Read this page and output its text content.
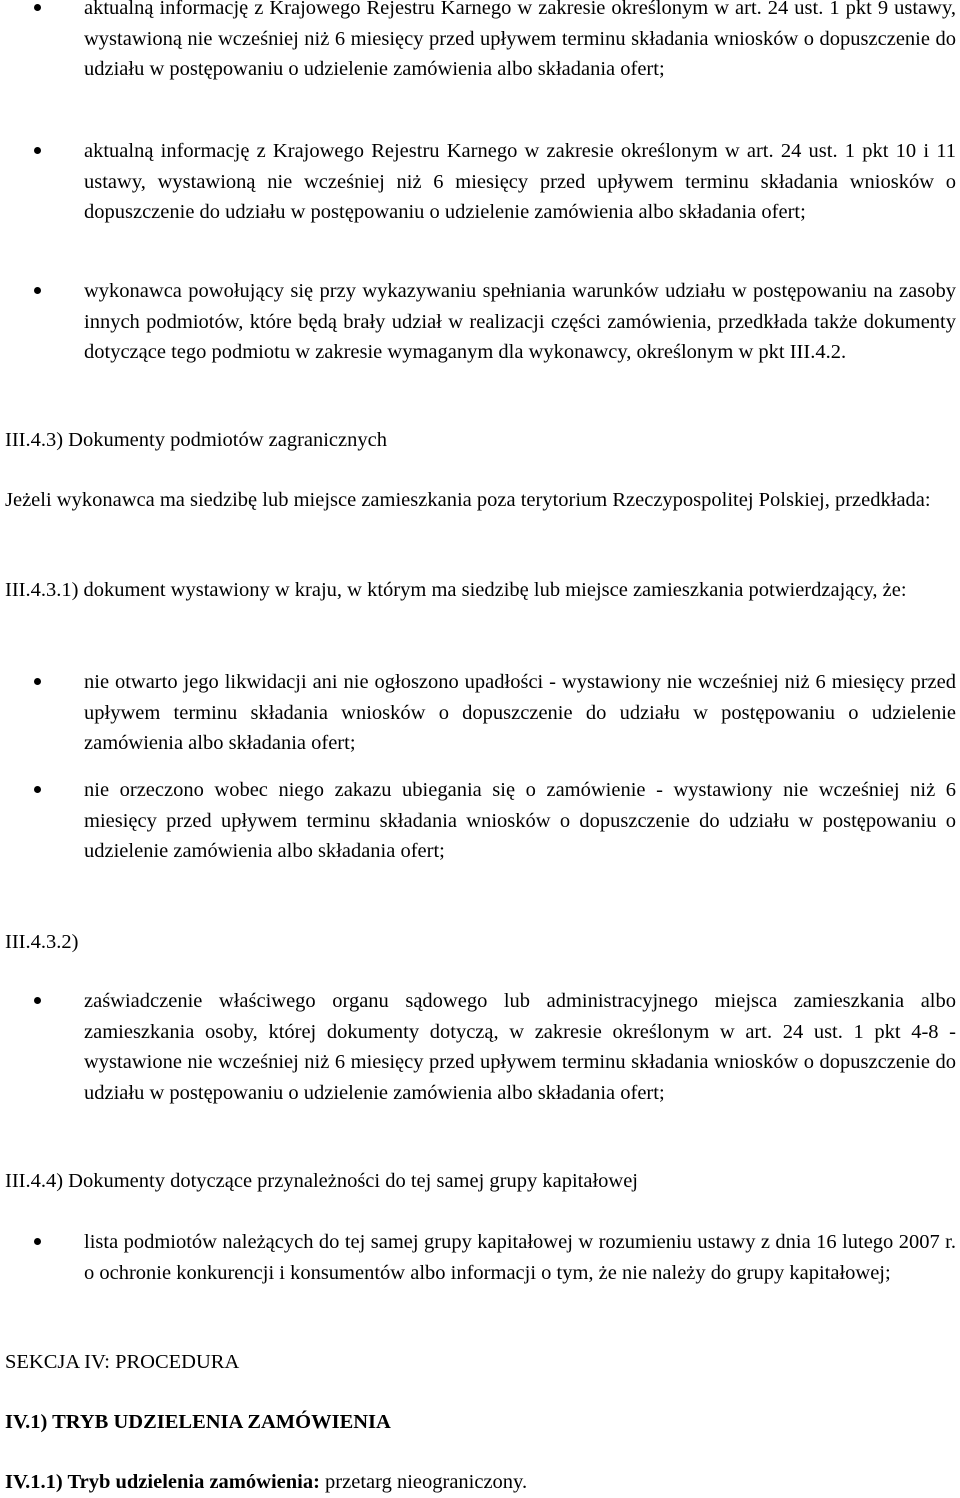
aktualną informację z Krajowego Rejestru Karnego w zakresie określonym w art. 24 ust. 1 pkt 9 ustawy, wystawioną nie wcześniej niż 6 miesięcy przed upływem terminu składania wniosków o dopuszczenie do udziału w postępowaniu o udzielenie zamówienia albo składania ofert;

aktualną informację z Krajowego Rejestru Karnego w zakresie określonym w art. 24 ust. 1 pkt 10 i 11 ustawy, wystawioną nie wcześniej niż 6 miesięcy przed upływem terminu składania wniosków o dopuszczenie do udziału w postępowaniu o udzielenie zamówienia albo składania ofert;

wykonawca powołujący się przy wykazywaniu spełniania warunków udziału w postępowaniu na zasoby innych podmiotów, które będą brały udział w realizacji części zamówienia, przedkłada także dokumenty dotyczące tego podmiotu w zakresie wymaganym dla wykonawcy, określonym w pkt III.4.2.

III.4.3) Dokumenty podmiotów zagranicznych

Jeżeli wykonawca ma siedzibę lub miejsce zamieszkania poza terytorium Rzeczypospolitej Polskiej, przedkłada:

III.4.3.1) dokument wystawiony w kraju, w którym ma siedzibę lub miejsce zamieszkania potwierdzający, że:

nie otwarto jego likwidacji ani nie ogłoszono upadłości - wystawiony nie wcześniej niż 6 miesięcy przed upływem terminu składania wniosków o dopuszczenie do udziału w postępowaniu o udzielenie zamówienia albo składania ofert;

nie orzeczono wobec niego zakazu ubiegania się o zamówienie - wystawiony nie wcześniej niż 6 miesięcy przed upływem terminu składania wniosków o dopuszczenie do udziału w postępowaniu o udzielenie zamówienia albo składania ofert;

III.4.3.2)

zaświadczenie właściwego organu sądowego lub administracyjnego miejsca zamieszkania albo zamieszkania osoby, której dokumenty dotyczą, w zakresie określonym w art. 24 ust. 1 pkt 4-8 - wystawione nie wcześniej niż 6 miesięcy przed upływem terminu składania wniosków o dopuszczenie do udziału w postępowaniu o udzielenie zamówienia albo składania ofert;

III.4.4) Dokumenty dotyczące przynależności do tej samej grupy kapitałowej

lista podmiotów należących do tej samej grupy kapitałowej w rozumieniu ustawy z dnia 16 lutego 2007 r. o ochronie konkurencji i konsumentów albo informacji o tym, że nie należy do grupy kapitałowej;

SEKCJA IV: PROCEDURA

IV.1) TRYB UDZIELENIA ZAMÓWIENIA

IV.1.1) Tryb udzielenia zamówienia: przetarg nieograniczony.
